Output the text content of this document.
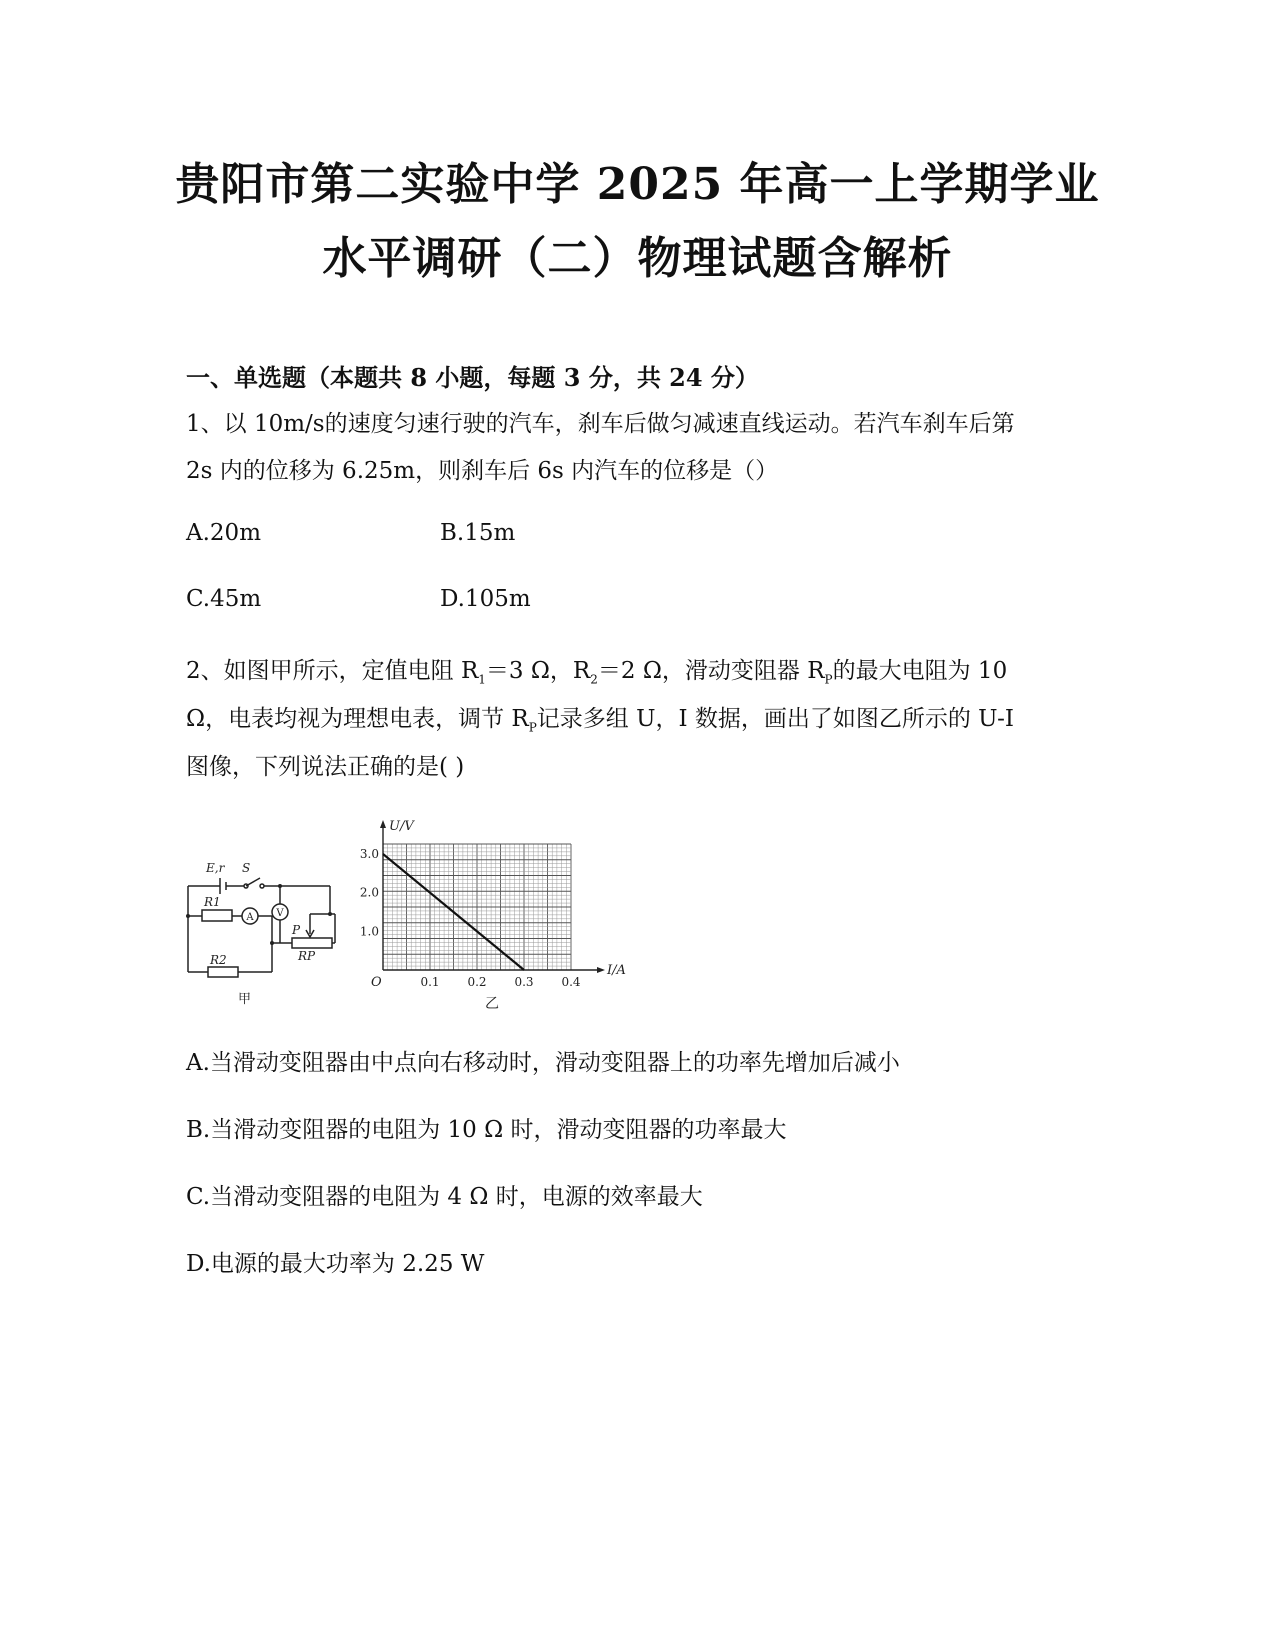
贵阳市第二实验中学 2025 年高一上学期学业
水平调研（二）物理试题含解析
一、单选题（本题共 8 小题，每题 3 分，共 24 分）
1、以 10m/s的速度匀速行驶的汽车，刹车后做匀减速直线运动。若汽车刹车后第
2s 内的位移为 6.25m，则刹车后 6s 内汽车的位移是（）
A.20m	B.15m
C.45m	D.105m
2、如图甲所示，定值电阻 $R_1=3$ Ω，$R_2=2$ Ω，滑动变阻器 $R_P$的最大电阻为 10
Ω，电表均视为理想电表，调节 $R_P$记录多组 U，I 数据，画出了如图乙所示的 U-I
图像，下列说法正确的是( )
E,r S
R1
R2	RP
P
A V
甲
0.1 0.2 0.3 0.4
1.0
2.0
3.0
O
I/A
U/V
乙
A.当滑动变阻器由中点向右移动时，滑动变阻器上的功率先增加后减小
B.当滑动变阻器的电阻为 10 Ω 时，滑动变阻器的功率最大
C.当滑动变阻器的电阻为 4 Ω 时，电源的效率最大
D.电源的最大功率为 2.25 W
